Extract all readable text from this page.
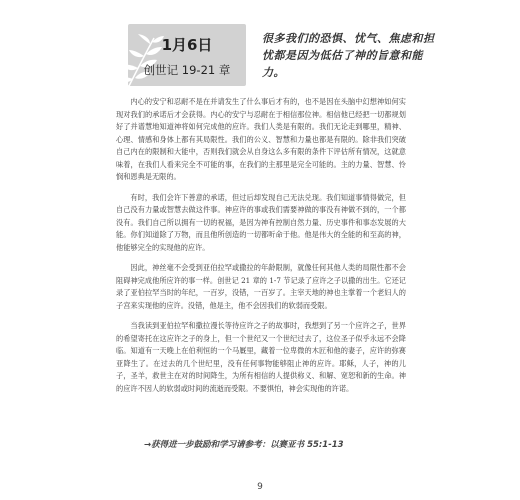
1月6日
创世记 19-21 章
很多我们的恐惧、忧气、焦虑和担忧都是因为低估了神的旨意和能力。

内心的安宁和忍耐不是在并请发生了什么事后才有的，也不是因在头脑中幻想神如何实现对我们的承诺后才会获得。内心的安宁与忍耐在于相信那位神。相信他已经把一切都规划好了并谱慧地知道神将如何完成他的应许。我们人类是有限的。我们无论走到哪里，精神、心理、情感和身体上都有其局限性。我们的公义、智慧和力量也都是有限的。除非我们突破自己内在的限制和大能中，否则我们就会从自身这么多有限的条件下评估所有情况，这就意味着，在我们人看来完全不可能的事，在我们的主那里是完全可能的。主的力量、智慧、怜悯和恩典是无限的。

有时，我们会许下善意的承诺，但过后却发现自己无法兑现。我们知道事情得做完，但自己没有力量或智慧去做这件事。神应许的事或我们需要神做的事没有神做不到的，一个都没有。我们自己所以拥有一切的祝福，是因为神有控制自然力量、历史事件和事态发展的大能。你们知道除了万物，而且他所创造的一切都听命于他。他是伟大的全能的和至高的神，他能够完全的实现他的应许。

因此，神丝毫不会受到亚伯拉罕或撒拉的年龄限制，就像任何其他人类的局限性都不会阻碍神完成他所应许的事一样。创世记 21 章的 1-7 节记录了应许之子以撒的出生。它还记录了亚伯拉罕当时的年纪，一百岁，没错，一百岁了。主宰天地的神也主掌着一个老妇人的子宫来实现他的应许。没错，他是主，他不会因我们的软弱而受限。

当我读到亚伯拉罕和撒拉漫长等待应许之子的故事时，我想到了另一个应许之子，世界的希望寄托在这应许之子的身上，但一个世纪又一个世纪过去了，这位圣子似乎永远不会降临。知道有一天晚上在伯利恒的一个马厩里，藏着一位卑微的木匠和他的妻子，应许的弥赛亚降生了。在过去的几个世纪里，没有任何事物能够阻止神的应许。耶稣，人子，神的儿子，圣羊，救世主在对的时间降生，为所有相信的人提供称义、和解、宽恕和新的生命。神的应许不因人的软弱或时间的流逝而受限。不要惧怕，神会实现他的许诺。

→获得进一步鼓励和学习请参考：以赛亚书 55:1-13
9
